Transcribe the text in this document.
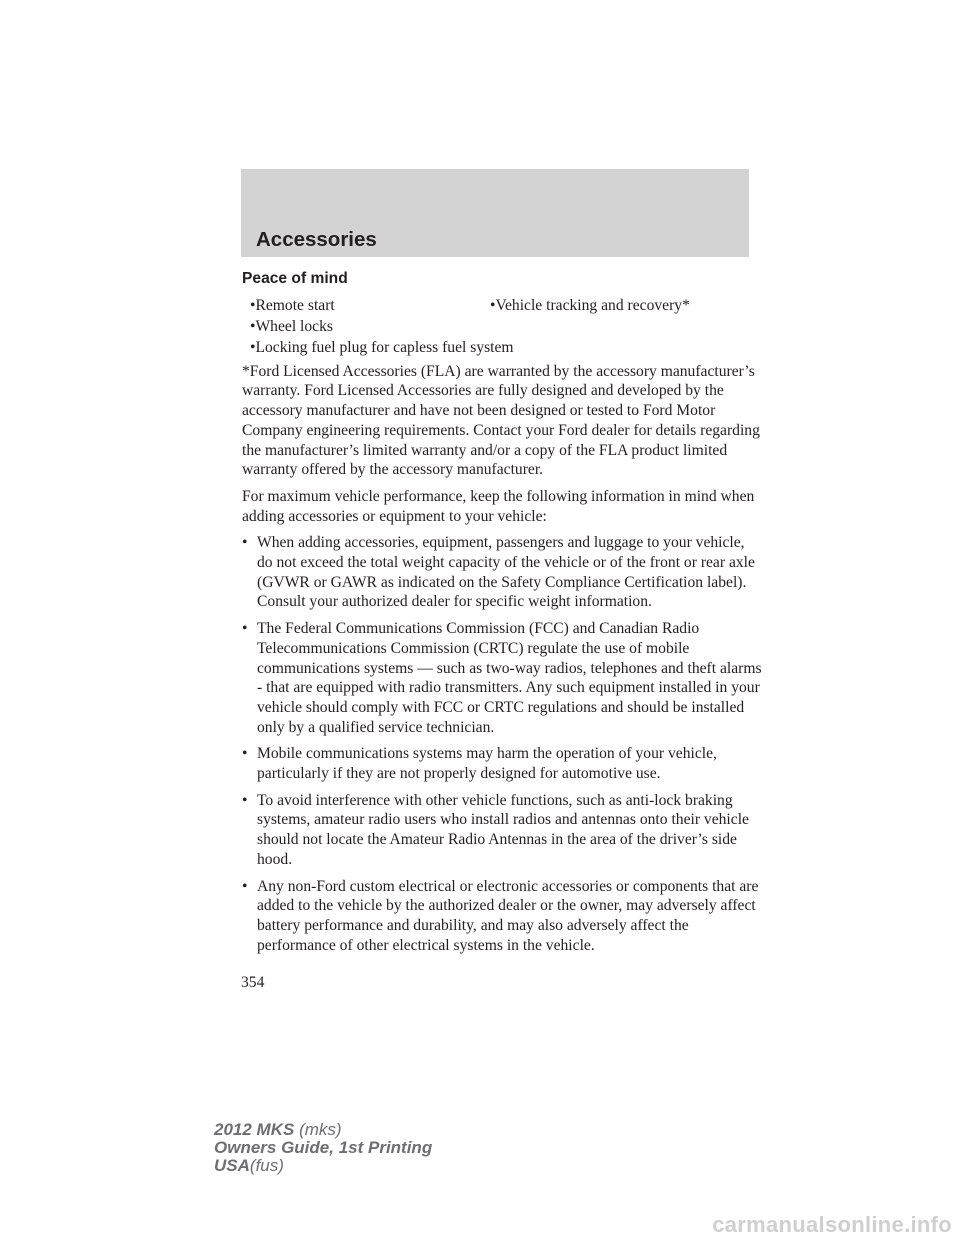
Accessories
Peace of mind
•Remote start	•Vehicle tracking and recovery*
•Wheel locks
•Locking fuel plug for capless fuel system

*Ford Licensed Accessories (FLA) are warranted by the accessory manufacturer’s warranty. Ford Licensed Accessories are fully designed and developed by the accessory manufacturer and have not been designed or tested to Ford Motor Company engineering requirements. Contact your Ford dealer for details regarding the manufacturer’s limited warranty and/or a copy of the FLA product limited warranty offered by the accessory manufacturer.

For maximum vehicle performance, keep the following information in mind when adding accessories or equipment to your vehicle:

• When adding accessories, equipment, passengers and luggage to your vehicle, do not exceed the total weight capacity of the vehicle or of the front or rear axle (GVWR or GAWR as indicated on the Safety Compliance Certification label). Consult your authorized dealer for specific weight information.
• The Federal Communications Commission (FCC) and Canadian Radio Telecommunications Commission (CRTC) regulate the use of mobile communications systems — such as two-way radios, telephones and theft alarms - that are equipped with radio transmitters. Any such equipment installed in your vehicle should comply with FCC or CRTC regulations and should be installed only by a qualified service technician.
• Mobile communications systems may harm the operation of your vehicle, particularly if they are not properly designed for automotive use.
• To avoid interference with other vehicle functions, such as anti-lock braking systems, amateur radio users who install radios and antennas onto their vehicle should not locate the Amateur Radio Antennas in the area of the driver’s side hood.
• Any non-Ford custom electrical or electronic accessories or components that are added to the vehicle by the authorized dealer or the owner, may adversely affect battery performance and durability, and may also adversely affect the performance of other electrical systems in the vehicle.
354
2012 MKS (mks)
Owners Guide, 1st Printing
USA(fus)
carmanualsonline.info
